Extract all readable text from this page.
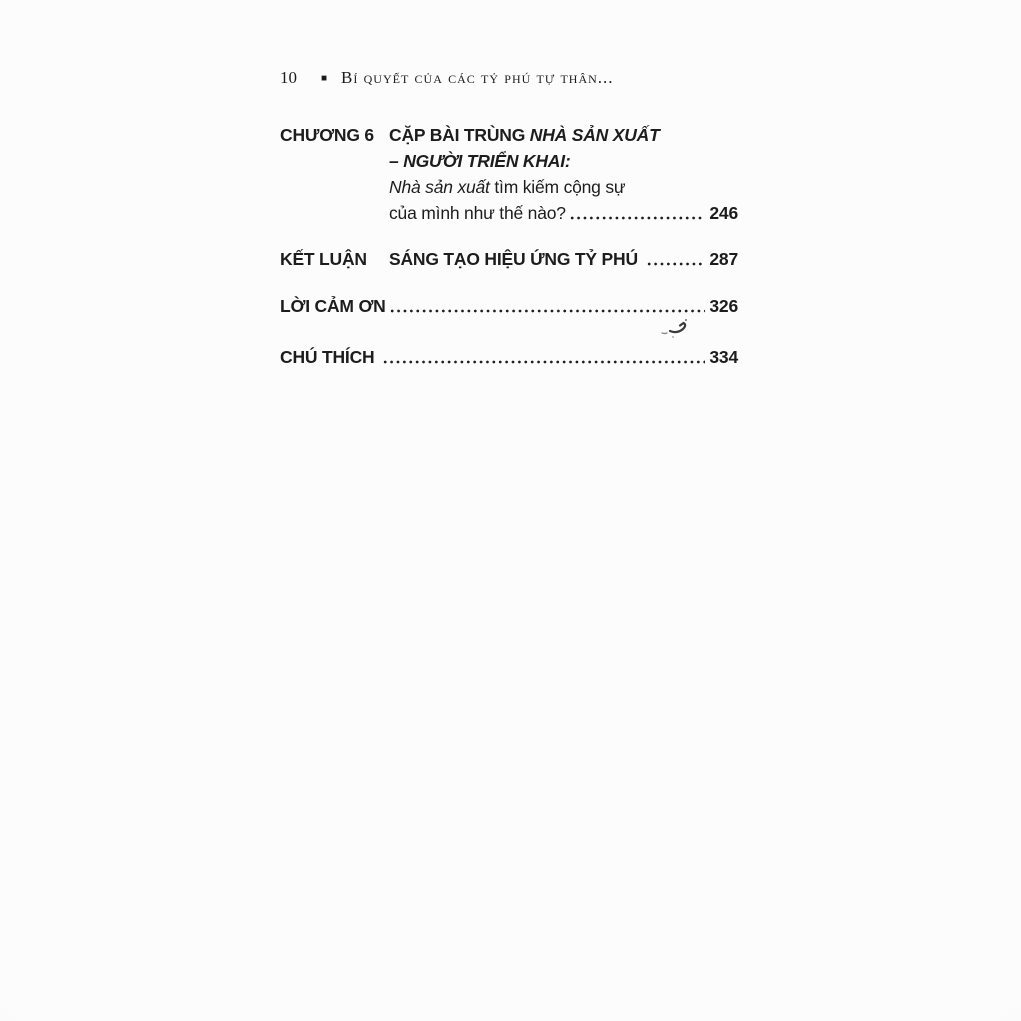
10 ■ Bí quyết của các tỷ phú tự thân...
CHƯƠNG 6 CẶP BÀI TRÙNG NHÀ SẢN XUẤT
– NGƯỜI TRIỂN KHAI:
Nhà sản xuất tìm kiếm cộng sự
của mình như thế nào?	246
KẾT LUẬN	SÁNG TẠO HIỆU ỨNG TỶ PHÚ	287
LỜI CẢM ƠN	326
CHÚ THÍCH	334
